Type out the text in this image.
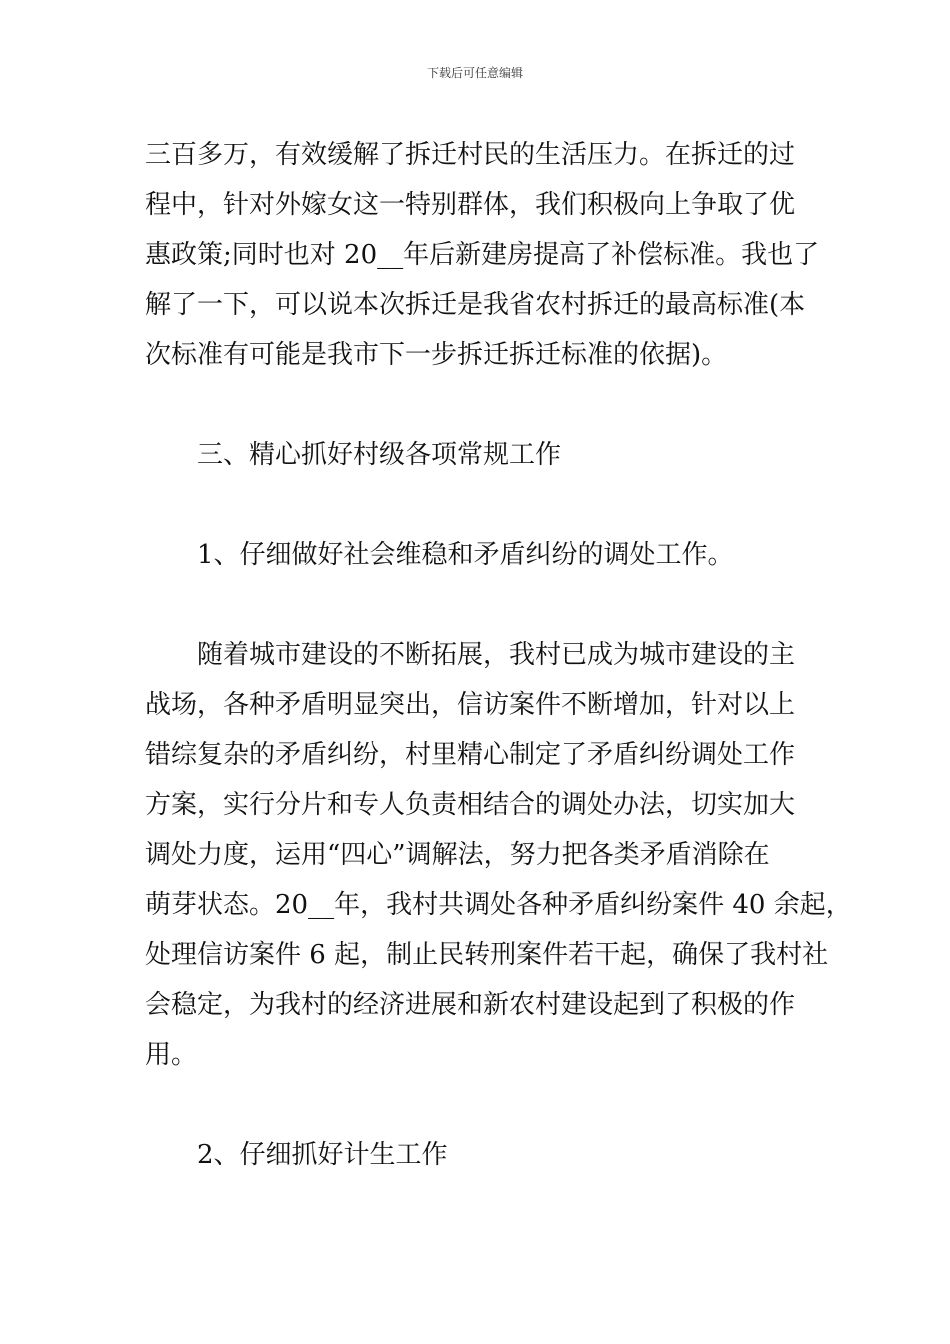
下载后可任意编辑
三百多万，有效缓解了拆迁村民的生活压力。在拆迁的过
程中，针对外嫁女这一特别群体，我们积极向上争取了优
惠政策;同时也对 20__年后新建房提高了补偿标准。我也了
解了一下，可以说本次拆迁是我省农村拆迁的最高标准(本
次标准有可能是我市下一步拆迁拆迁标准的依据)。
三、精心抓好村级各项常规工作
1、仔细做好社会维稳和矛盾纠纷的调处工作。
随着城市建设的不断拓展，我村已成为城市建设的主
战场，各种矛盾明显突出，信访案件不断增加，针对以上
错综复杂的矛盾纠纷，村里精心制定了矛盾纠纷调处工作
方案，实行分片和专人负责相结合的调处办法，切实加大
调处力度，运用“四心”调解法，努力把各类矛盾消除在
萌芽状态。20__年，我村共调处各种矛盾纠纷案件 40 余起，
处理信访案件 6 起，制止民转刑案件若干起，确保了我村社
会稳定，为我村的经济进展和新农村建设起到了积极的作
用。
2、仔细抓好计生工作
